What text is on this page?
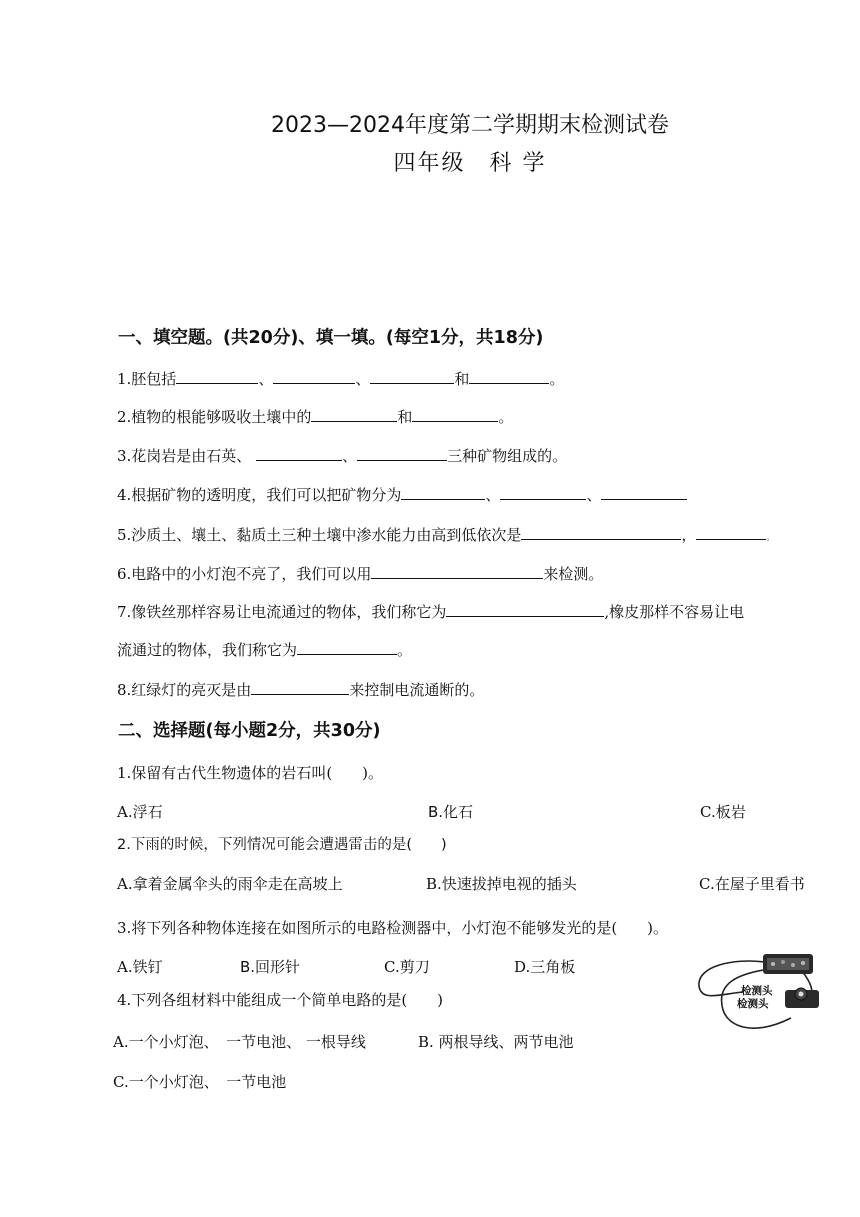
2023—2024年度第二学期期末检测试卷
四年级　科 学
一、填空题。(共20分)、填一填。(每空1分，共18分)
1.胚包括	、	、	和	。
2.植物的根能够吸收土壤中的	和	。
3.花岗岩是由石英、	、	三种矿物组成的。
4.根据矿物的透明度，我们可以把矿物分为	、	、
5.沙质土、壤土、黏质土三种土壤中渗水能力由高到低依次是	，	。
6.电路中的小灯泡不亮了，我们可以用	来检测。
7.像铁丝那样容易让电流通过的物体，我们称它为	,橡皮那样不容易让电
流通过的物体，我们称它为	。
8.红绿灯的亮灭是由	来控制电流通断的。
二、选择题(每小题2分，共30分)
1.保留有古代生物遗体的岩石叫(　　)。
A.浮石	B.化石	C.板岩
2.下雨的时候，下列情况可能会遭遇雷击的是(　　)
A.拿着金属伞头的雨伞走在高坡上	B.快速拔掉电视的插头	C.在屋子里看书
3.将下列各种物体连接在如图所示的电路检测器中，小灯泡不能够发光的是(　　)。
A.铁钉	B.回形针	C.剪刀	D.三角板
4.下列各组材料中能组成一个简单电路的是(　　)
A.一个小灯泡、　一节电池、 一根导线	B. 两根导线、两节电池
C.一个小灯泡、　一节电池
检测头
检测头
